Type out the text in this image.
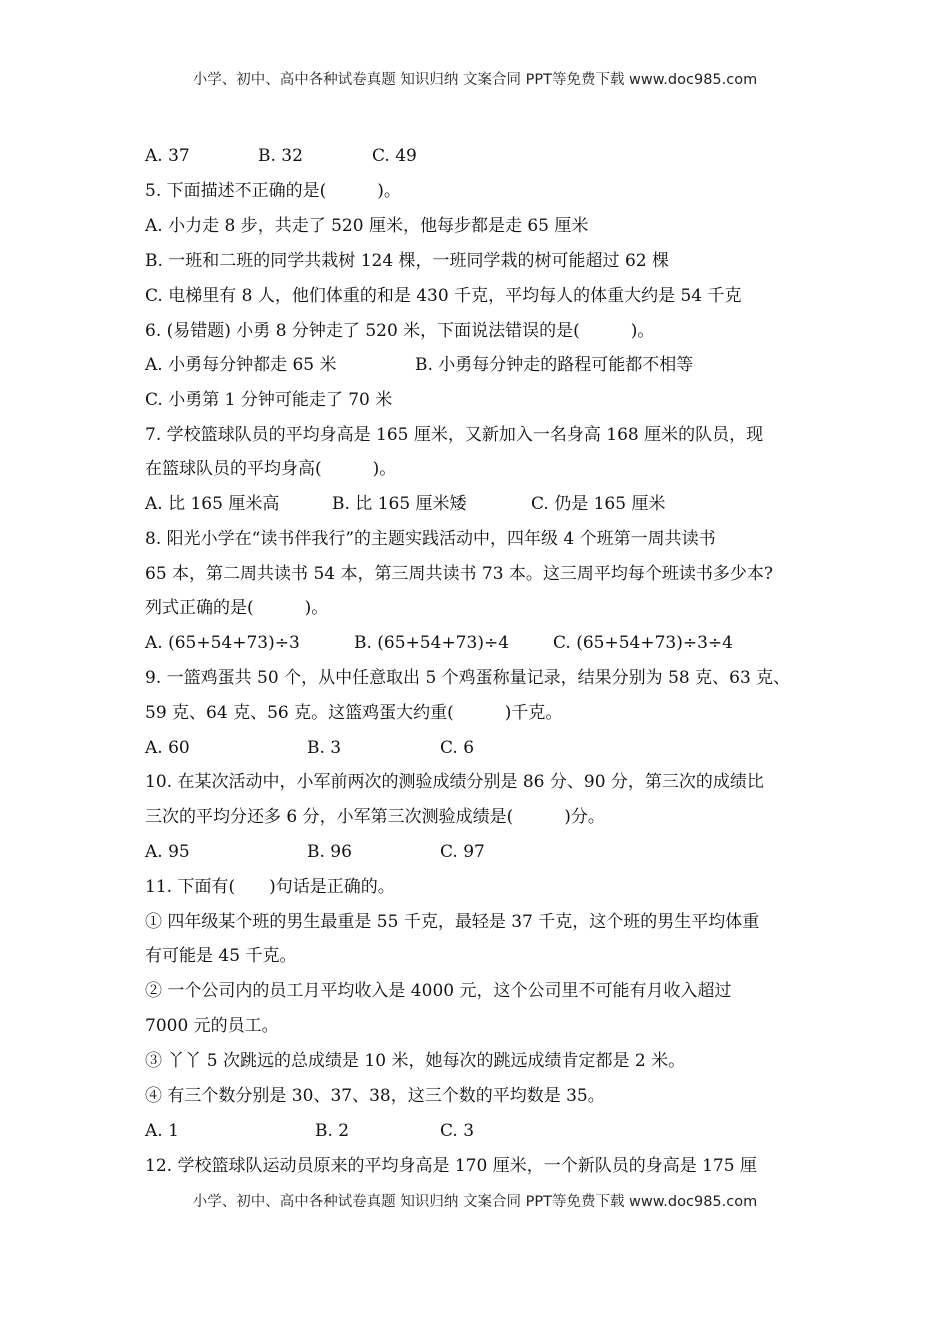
小学、初中、高中各种试卷真题 知识归纳 文案合同 PPT等免费下载 www.doc985.com
A. 37	B. 32	C. 49
5. 下面描述不正确的是(　　　)。
A. 小力走 8 步，共走了 520 厘米，他每步都是走 65 厘米
B. 一班和二班的同学共栽树 124 棵，一班同学栽的树可能超过 62 棵
C. 电梯里有 8 人，他们体重的和是 430 千克，平均每人的体重大约是 54 千克
6. (易错题) 小勇 8 分钟走了 520 米，下面说法错误的是(　　　)。
A. 小勇每分钟都走 65 米	B. 小勇每分钟走的路程可能都不相等
C. 小勇第 1 分钟可能走了 70 米
7. 学校篮球队员的平均身高是 165 厘米，又新加入一名身高 168 厘米的队员，现
在篮球队员的平均身高(　　　)。
A. 比 165 厘米高	B. 比 165 厘米矮	C. 仍是 165 厘米
8. 阳光小学在“读书伴我行”的主题实践活动中，四年级 4 个班第一周共读书
65 本，第二周共读书 54 本，第三周共读书 73 本。这三周平均每个班读书多少本?
列式正确的是(　　　)。
A. (65+54+73)÷3	B. (65+54+73)÷4	C. (65+54+73)÷3÷4
9. 一篮鸡蛋共 50 个，从中任意取出 5 个鸡蛋称量记录，结果分别为 58 克、63 克、
59 克、64 克、56 克。这篮鸡蛋大约重(　　　)千克。
A. 60	B. 3	C. 6
10. 在某次活动中，小军前两次的测验成绩分别是 86 分、90 分，第三次的成绩比
三次的平均分还多 6 分，小军第三次测验成绩是(　　　)分。
A. 95	B. 96	C. 97
11. 下面有(　　)句话是正确的。
① 四年级某个班的男生最重是 55 千克，最轻是 37 千克，这个班的男生平均体重
有可能是 45 千克。
② 一个公司内的员工月平均收入是 4000 元，这个公司里不可能有月收入超过
7000 元的员工。
③ 丫丫 5 次跳远的总成绩是 10 米，她每次的跳远成绩肯定都是 2 米。
④ 有三个数分别是 30、37、38，这三个数的平均数是 35。
A. 1	B. 2	C. 3
12. 学校篮球队运动员原来的平均身高是 170 厘米，一个新队员的身高是 175 厘
小学、初中、高中各种试卷真题 知识归纳 文案合同 PPT等免费下载 www.doc985.com
